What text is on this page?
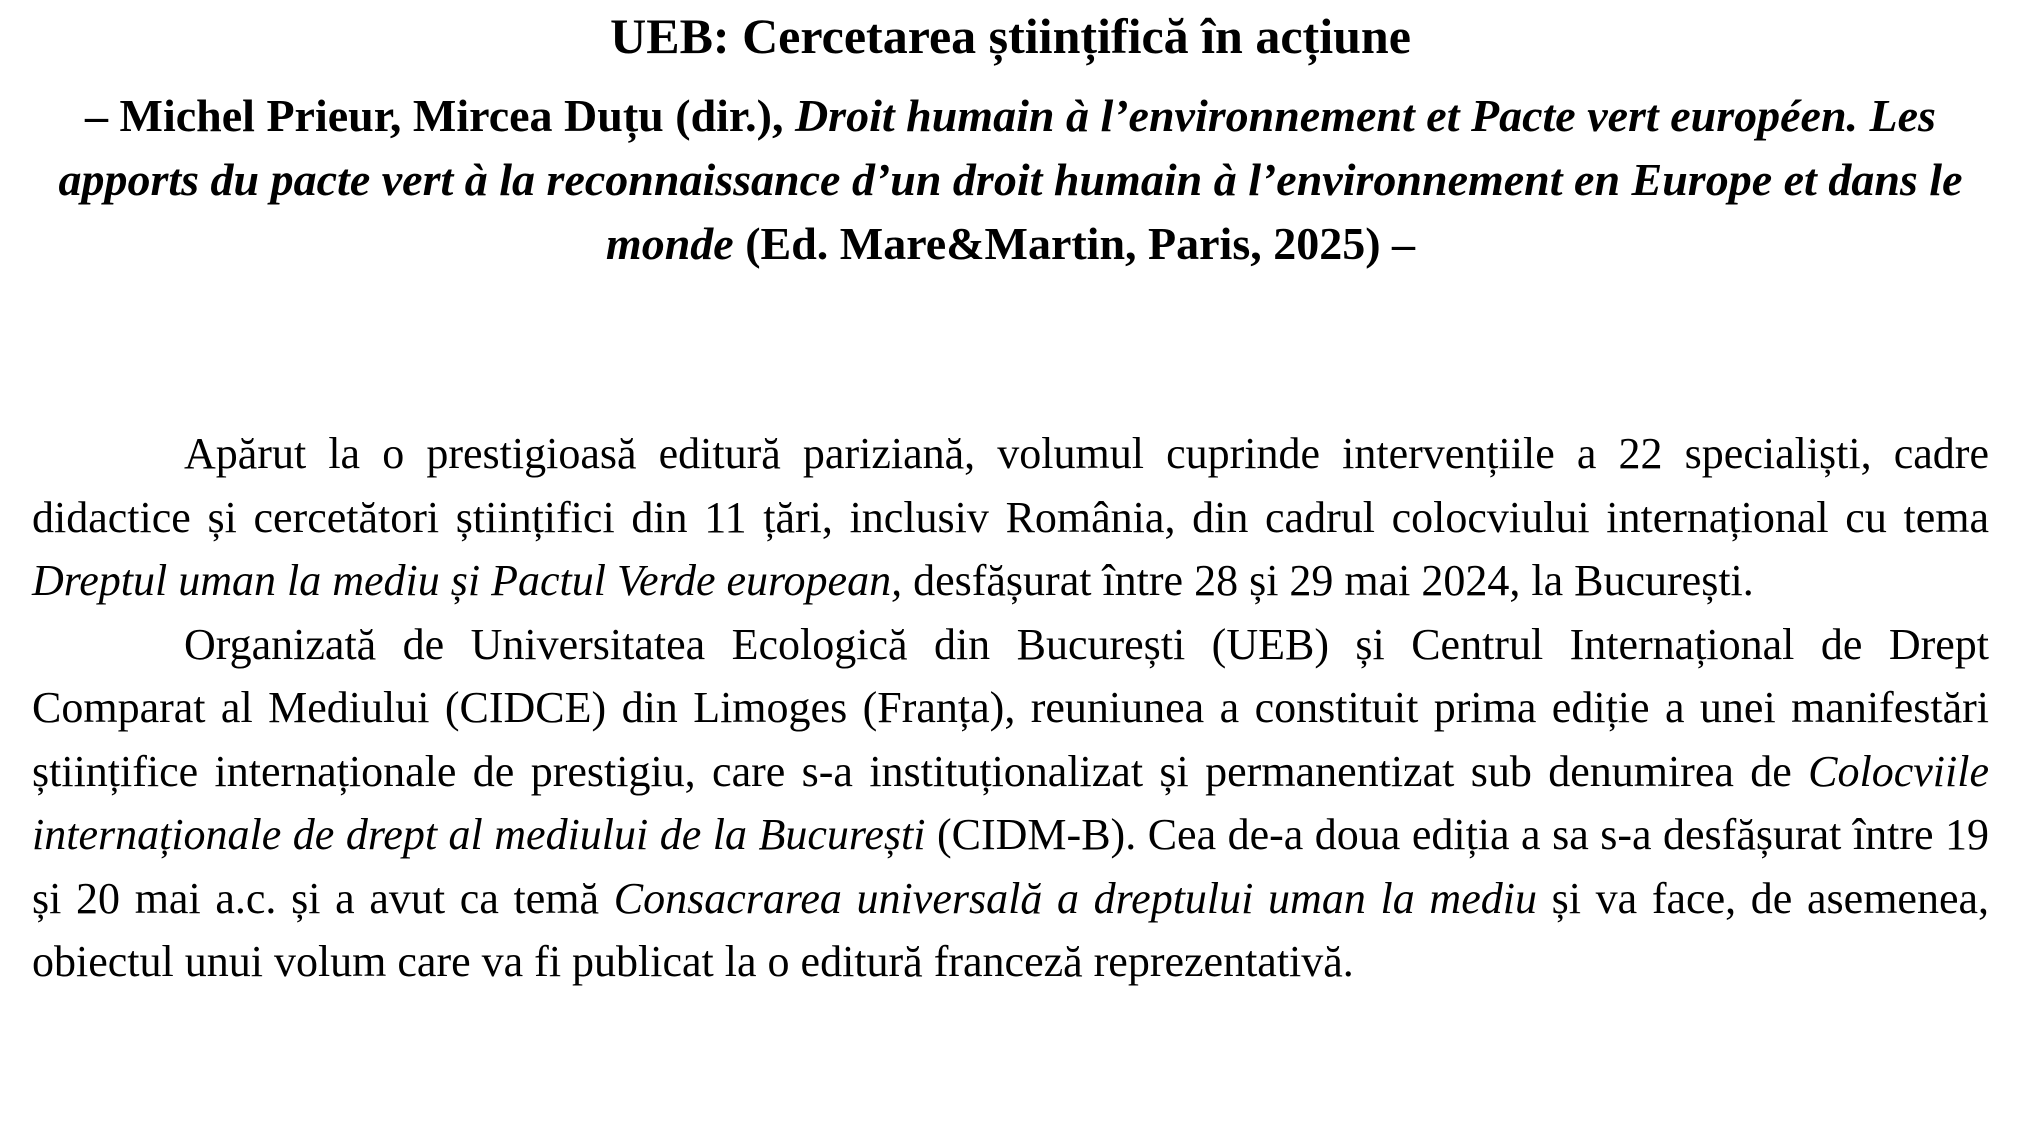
UEB: Cercetarea științifică în acțiune
– Michel Prieur, Mircea Duțu (dir.), Droit humain à l’environnement et Pacte vert européen. Les apports du pacte vert à la reconnaissance d’un droit humain à l’environnement en Europe et dans le monde (Ed. Mare&Martin, Paris, 2025) –

Apărut la o prestigioasă editură pariziană, volumul cuprinde intervențiile a 22 specialiști, cadre didactice și cercetători științifici din 11 țări, inclusiv România, din cadrul colocviului internațional cu tema Dreptul uman la mediu și Pactul Verde european, desfășurat între 28 și 29 mai 2024, la București.

Organizată de Universitatea Ecologică din București (UEB) și Centrul Internațional de Drept Comparat al Mediului (CIDCE) din Limoges (Franța), reuniunea a constituit prima ediție a unei manifestări științifice internaționale de prestigiu, care s-a instituționalizat și permanentizat sub denumirea de Colocviile internaționale de drept al mediului de la București (CIDM-B). Cea de-a doua ediția a sa s-a desfășurat între 19 și 20 mai a.c. și a avut ca temă Consacrarea universală a dreptului uman la mediu și va face, de asemenea, obiectul unui volum care va fi publicat la o editură franceză reprezentativă.
